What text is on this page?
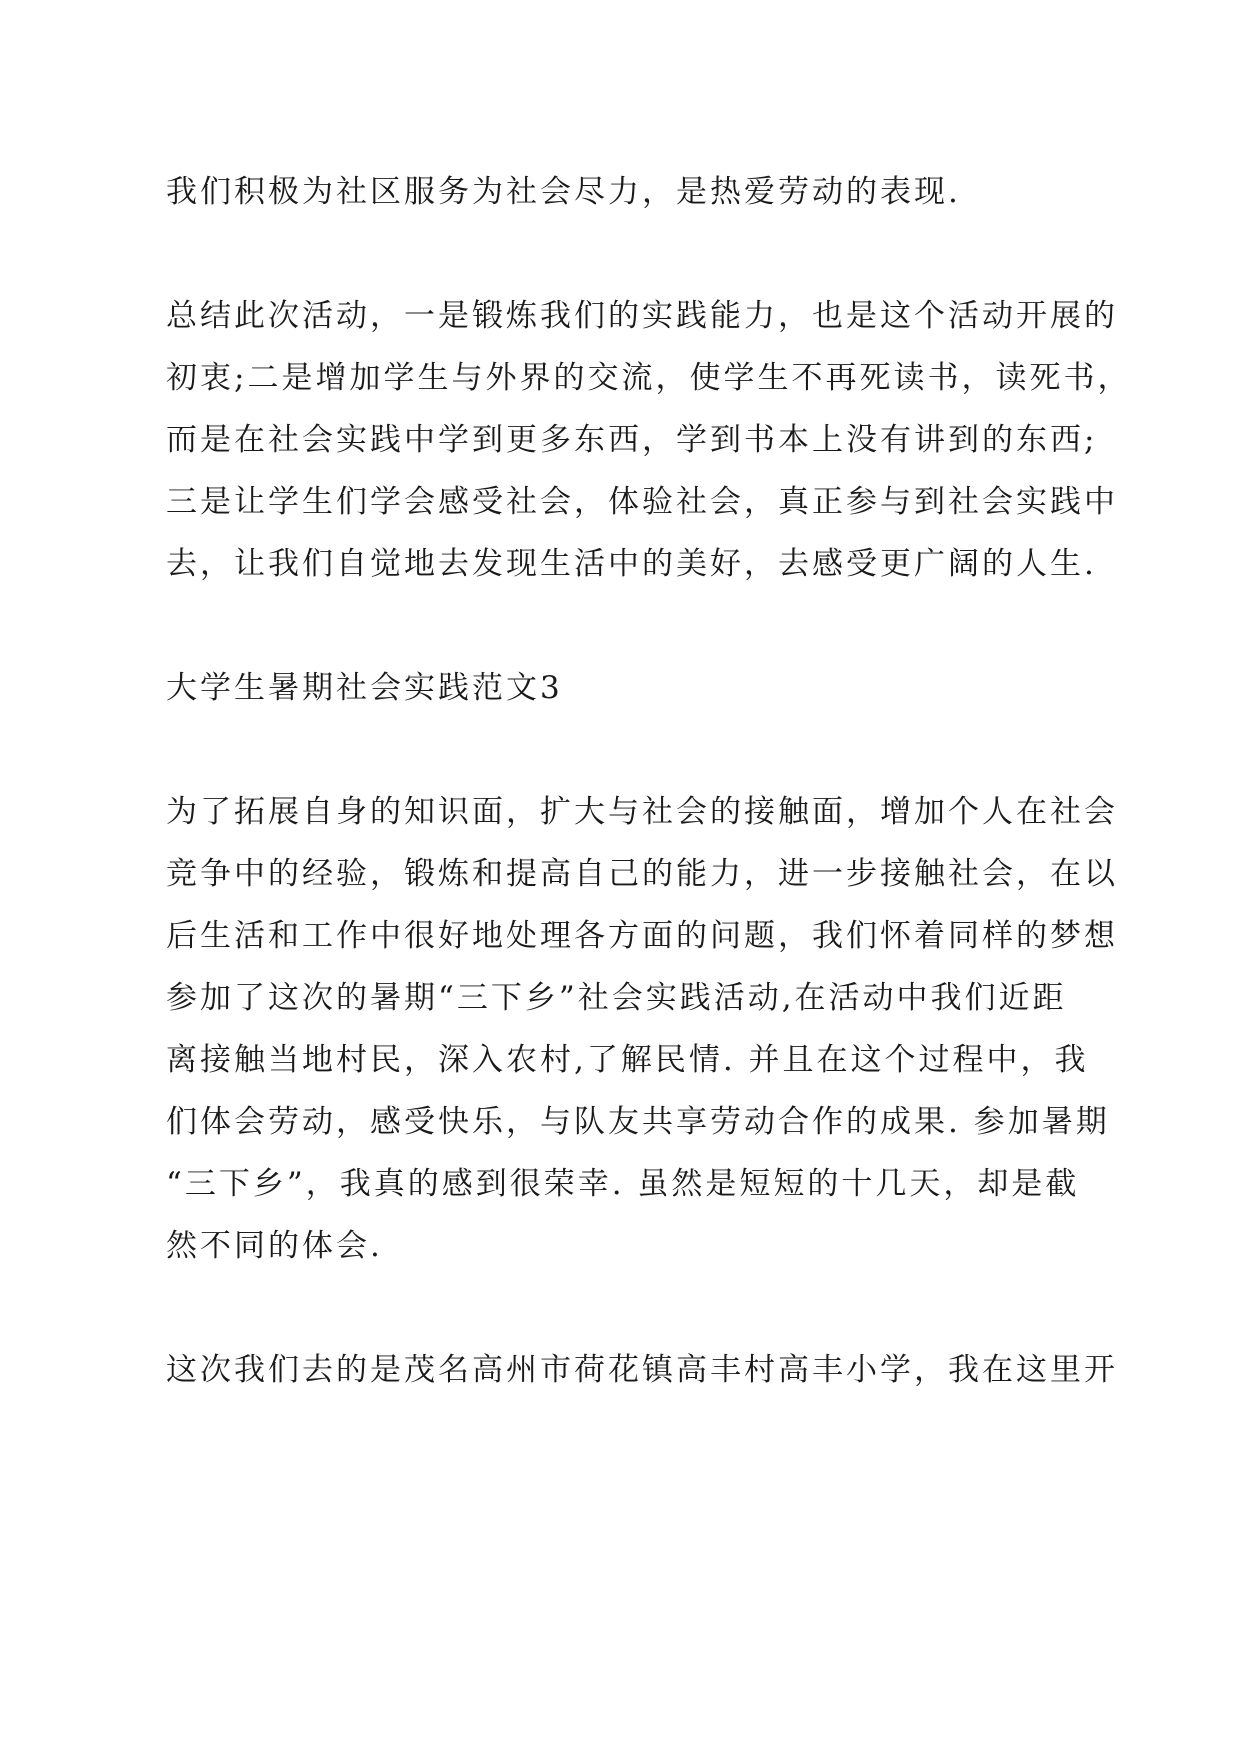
我们积极为社区服务为社会尽力，是热爱劳动的表现.
总结此次活动，一是锻炼我们的实践能力，也是这个活动开展的
初衷;二是增加学生与外界的交流，使学生不再死读书，读死书，
而是在社会实践中学到更多东西，学到书本上没有讲到的东西;
三是让学生们学会感受社会，体验社会，真正参与到社会实践中
去，让我们自觉地去发现生活中的美好，去感受更广阔的人生.
大学生暑期社会实践范文3
为了拓展自身的知识面，扩大与社会的接触面，增加个人在社会
竞争中的经验，锻炼和提高自己的能力，进一步接触社会，在以
后生活和工作中很好地处理各方面的问题，我们怀着同样的梦想
参加了这次的暑期“三下乡”社会实践活动,在活动中我们近距
离接触当地村民，深入农村,了解民情. 并且在这个过程中，我
们体会劳动，感受快乐，与队友共享劳动合作的成果. 参加暑期
“三下乡”，我真的感到很荣幸. 虽然是短短的十几天，却是截
然不同的体会.
这次我们去的是茂名高州市荷花镇高丰村高丰小学，我在这里开
